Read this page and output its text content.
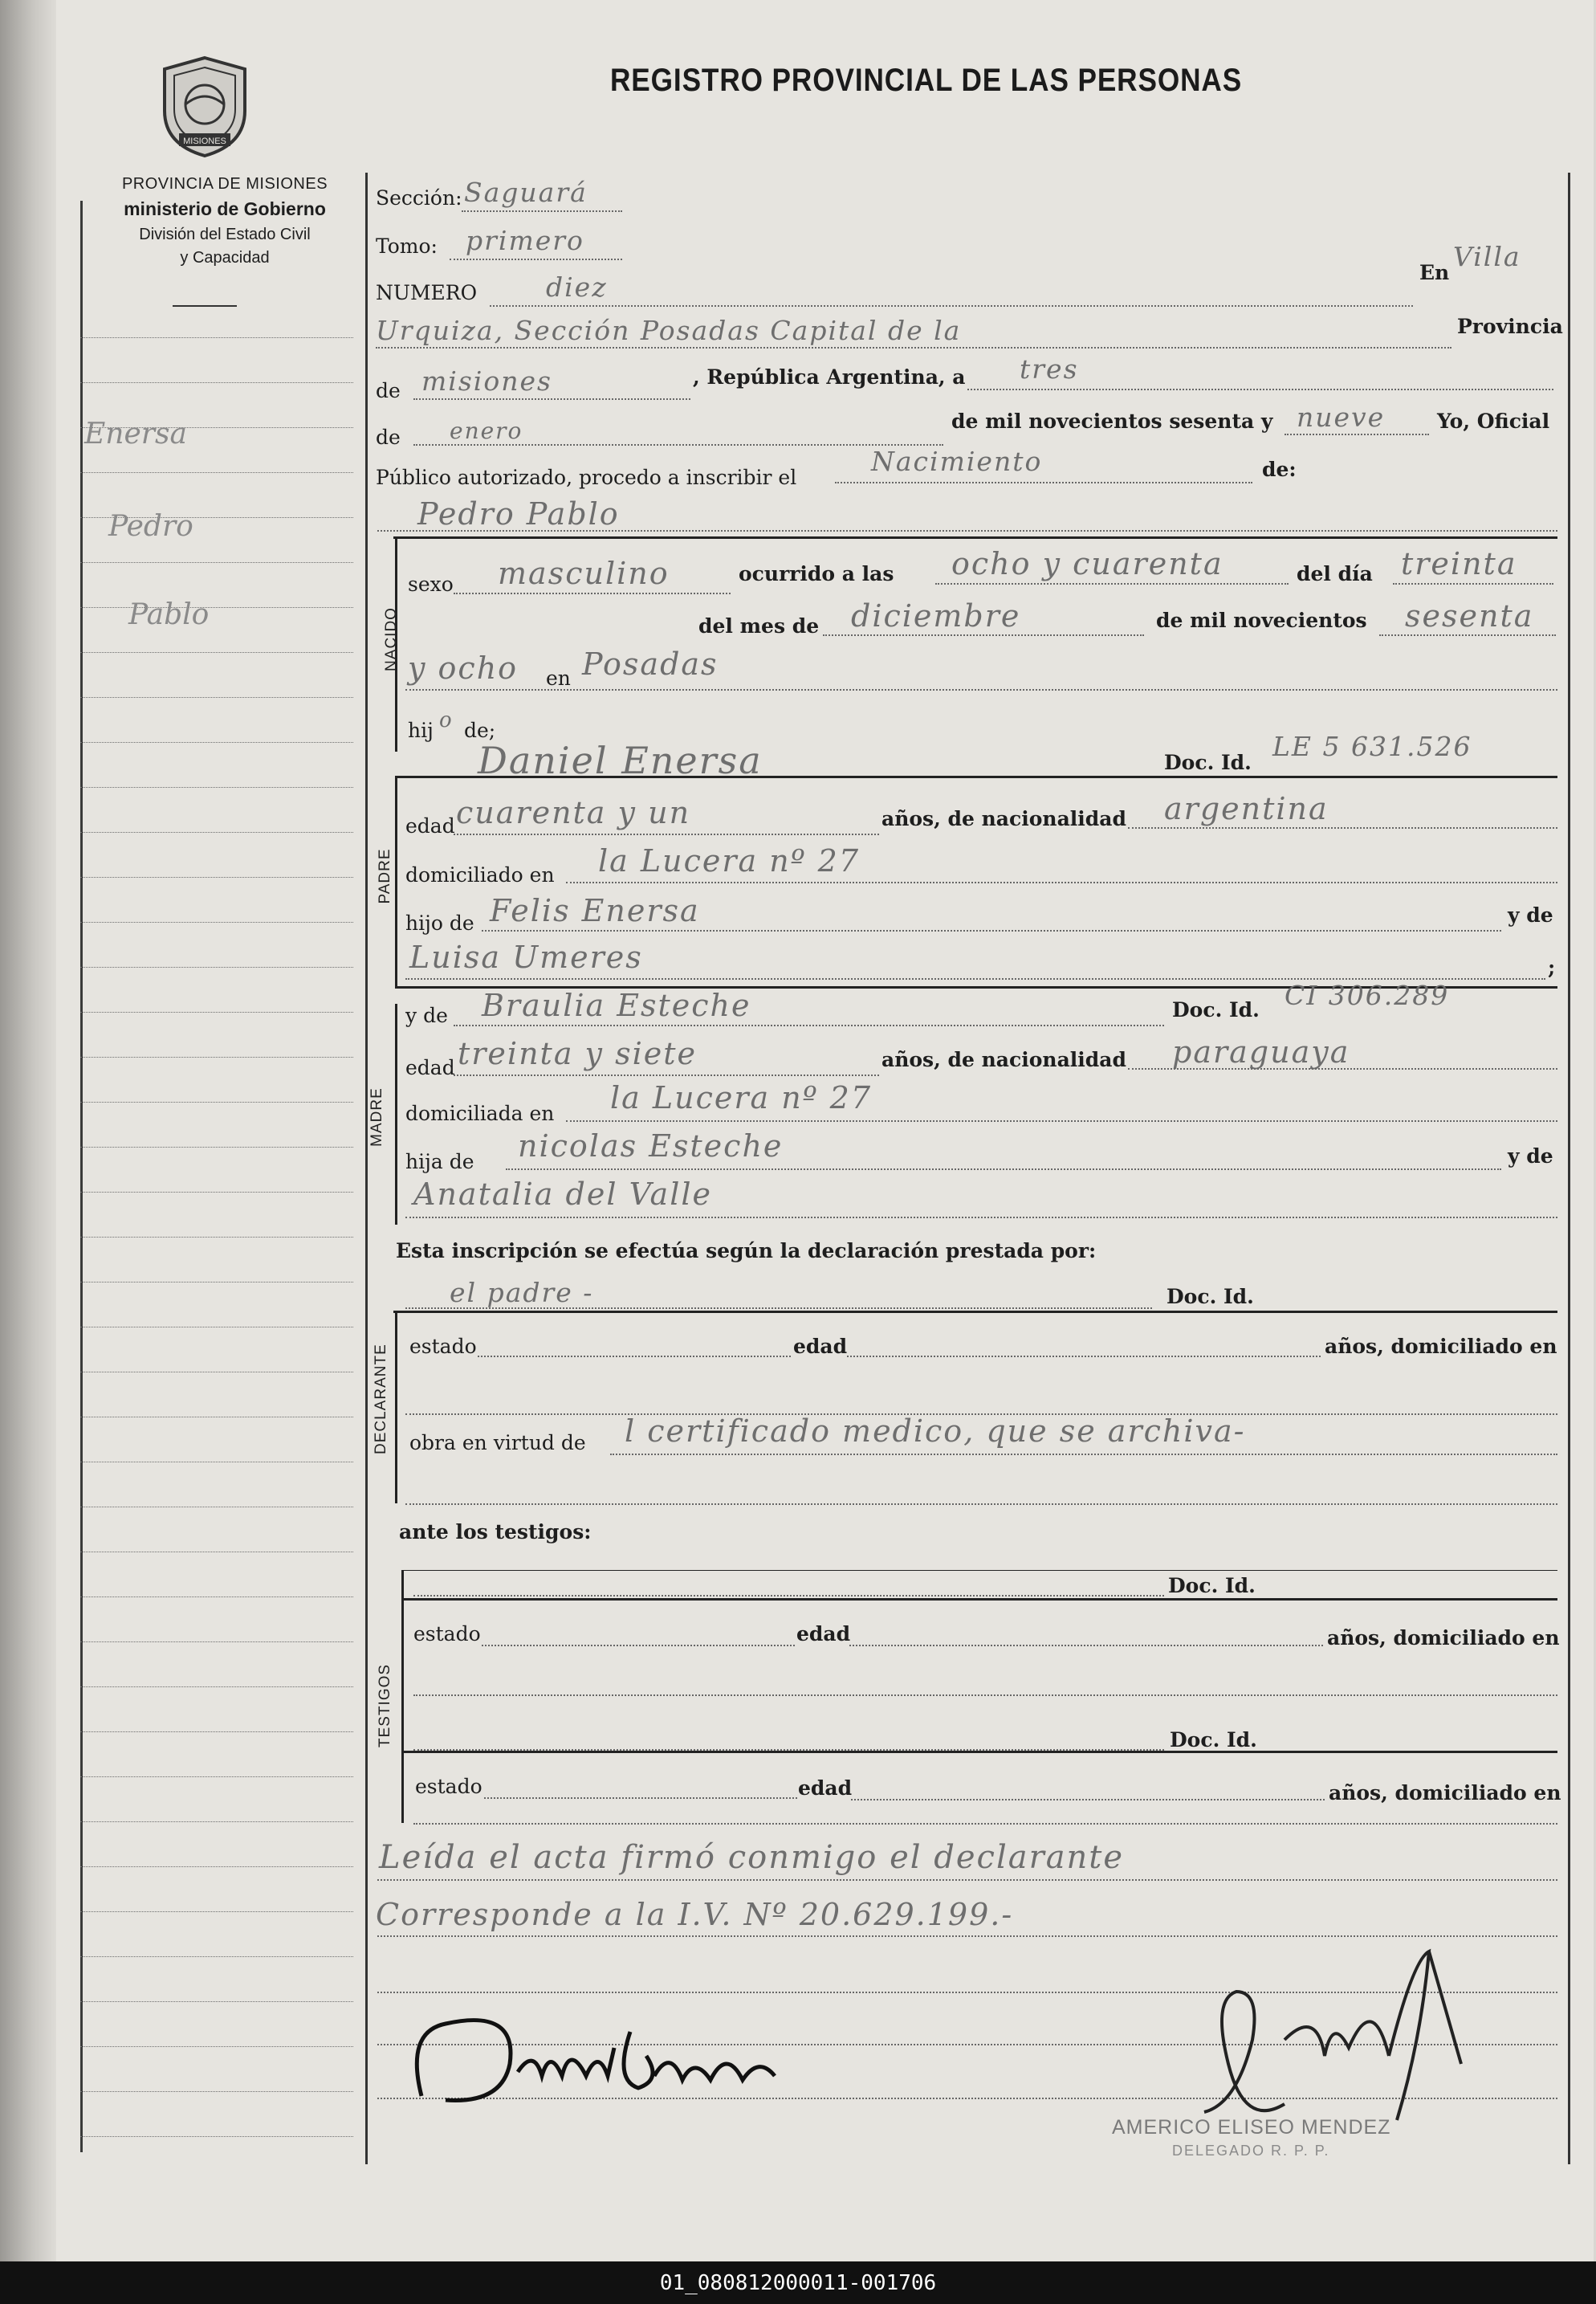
MISIONES
PROVINCIA DE MISIONES
ministerio de Gobierno
División del Estado Civil
y Capacidad
REGISTRO PROVINCIAL DE LAS PERSONAS
Enersa
Pedro
Pablo
Sección: Saguará
Tomo: primero
NUMERO	diez	En
Villa
Urquiza, Sección Posadas Capital de la	Provincia
de misiones	, República Argentina, a tres
de enero	de mil novecientos sesenta y nueve	Yo, Oficial
Público autorizado, procedo a inscribir el
Nacimiento	de:
Pedro Pablo
NACIDO
sexo masculino	ocurrido a las ocho y cuarenta	del día treinta
del mes de diciembre	de mil novecientos sesenta
y ocho en Posadas
hij o de;
Daniel Enersa	Doc. Id.
LE 5 631.526
PADRE
edad cuarenta y un	años, de nacionalidad argentina
domiciliado en la Lucera nº 27
hijo de Felis Enersa	y de
Luisa Umeres	;
MADRE
y de Braulia Esteche	Doc. Id. CI 306.289
edad treinta y siete	años, de nacionalidad paraguaya
domiciliada en la Lucera nº 27
hija de nicolas Esteche	y de
Anatalia del Valle
Esta inscripción se efectúa según la declaración prestada por:
el padre -	Doc. Id.
DECLARANTE estado	edad	años, domiciliado en
obra en virtud de l certificado medico, que se archiva-
ante los testigos:
TESTIGOS
Doc. Id.
estado	edad	años, domiciliado en
Doc. Id.
estado	edad	años, domiciliado en
Leída el acta firmó conmigo el declarante
Corresponde a la I.V. Nº 20.629.199.-
AMERICO ELISEO MENDEZ
DELEGADO R. P. P.
01_080812000011-001706
